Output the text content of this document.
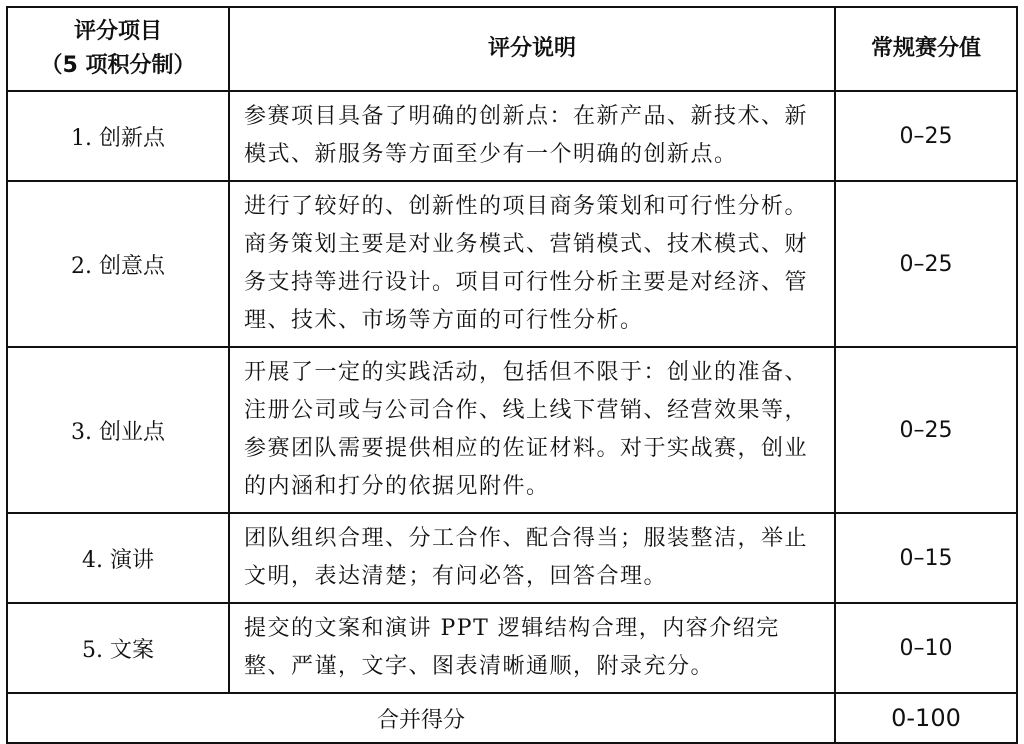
评分项目
（5 项积分制）	评分说明	常规赛分值
1. 创新点	参赛项目具备了明确的创新点：在新产品、新技术、新模式、新服务等方面至少有一个明确的创新点。	0–25
2. 创意点	进行了较好的、创新性的项目商务策划和可行性分析。商务策划主要是对业务模式、营销模式、技术模式、财务支持等进行设计。项目可行性分析主要是对经济、管理、技术、市场等方面的可行性分析。	0–25
3. 创业点	开展了一定的实践活动，包括但不限于：创业的准备、注册公司或与公司合作、线上线下营销、经营效果等，参赛团队需要提供相应的佐证材料。对于实战赛，创业的内涵和打分的依据见附件。	0–25
4. 演讲	团队组织合理、分工合作、配合得当；服装整洁，举止文明，表达清楚；有问必答，回答合理。	0–15
5. 文案	提交的文案和演讲 PPT 逻辑结构合理，内容介绍完整、严谨，文字、图表清晰通顺，附录充分。	0–10
合并得分		0-100
